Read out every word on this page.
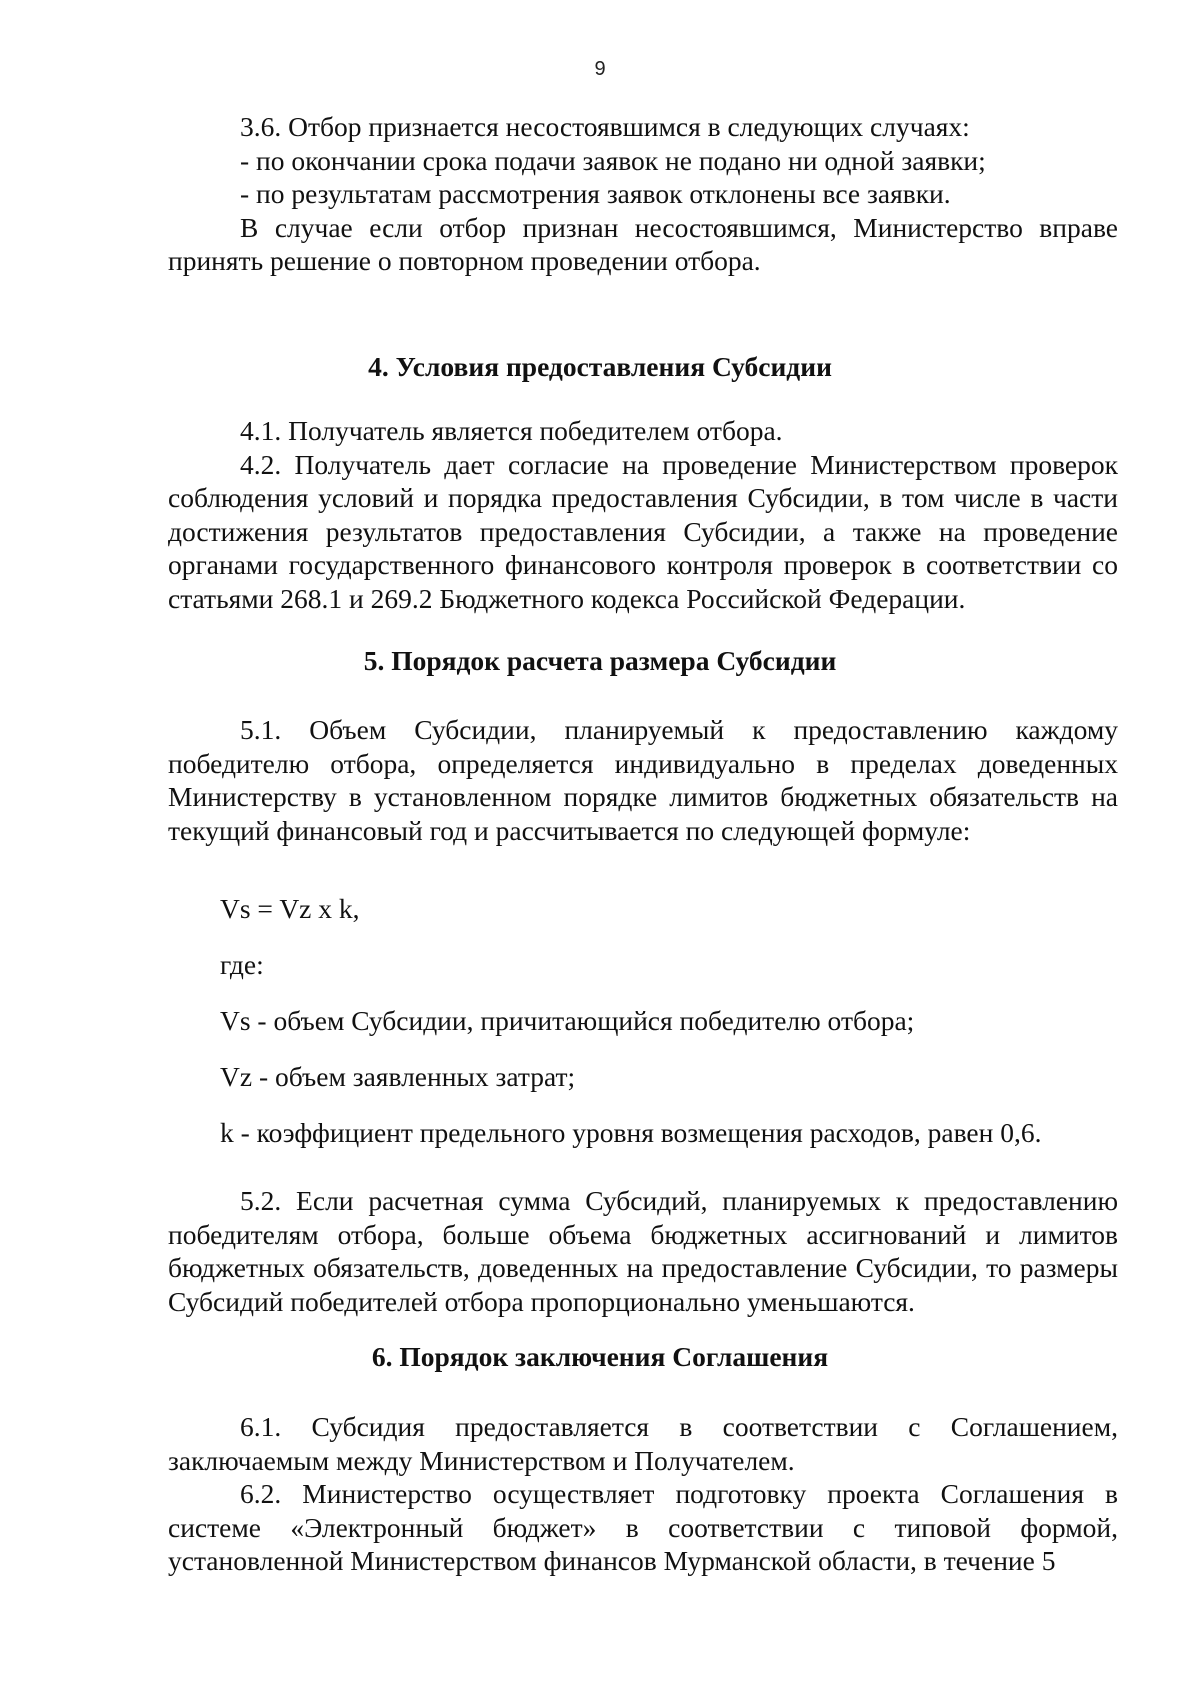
9

3.6. Отбор признается несостоявшимся в следующих случаях:

- по окончании срока подачи заявок не подано ни одной заявки;

- по результатам рассмотрения заявок отклонены все заявки.

В случае если отбор признан несостоявшимся, Министерство вправе принять решение о повторном проведении отбора.

4. Условия предоставления Субсидии

4.1. Получатель является победителем отбора.

4.2. Получатель дает согласие на проведение Министерством проверок соблюдения условий и порядка предоставления Субсидии, в том числе в части достижения результатов предоставления Субсидии, а также на проведение органами государственного финансового контроля проверок в соответствии со статьями 268.1 и 269.2 Бюджетного кодекса Российской Федерации.

5. Порядок расчета размера Субсидии

5.1. Объем Субсидии, планируемый к предоставлению каждому победителю отбора, определяется индивидуально в пределах доведенных Министерству в установленном порядке лимитов бюджетных обязательств на текущий финансовый год и рассчитывается по следующей формуле:

Vs = Vz x k,
где:
Vs - объем Субсидии, причитающийся победителю отбора;
Vz - объем заявленных затрат;
k - коэффициент предельного уровня возмещения расходов, равен 0,6.

5.2. Если расчетная сумма Субсидий, планируемых к предоставлению победителям отбора, больше объема бюджетных ассигнований и лимитов бюджетных обязательств, доведенных на предоставление Субсидии, то размеры Субсидий победителей отбора пропорционально уменьшаются.

6. Порядок заключения Соглашения

6.1. Субсидия предоставляется в соответствии с Соглашением, заключаемым между Министерством и Получателем.

6.2. Министерство осуществляет подготовку проекта Соглашения в системе «Электронный бюджет» в соответствии с типовой формой, установленной Министерством финансов Мурманской области, в течение 5
